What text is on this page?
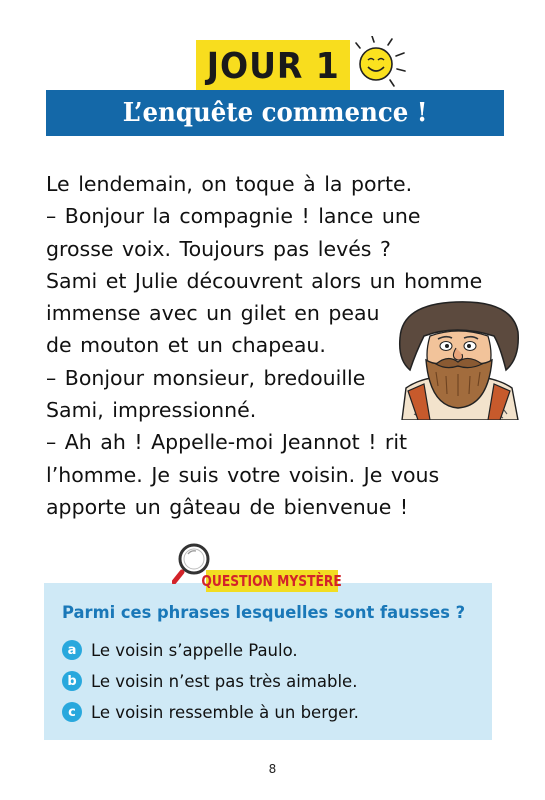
JOUR 1
L’enquête commence !

Le lendemain, on toque à la porte.

– Bonjour la compagnie ! lance une

grosse voix. Toujours pas levés ?

Sami et Julie découvrent alors un homme

immense avec un gilet en peau

de mouton et un chapeau.

– Bonjour monsieur, bredouille

Sami, impressionné.

– Ah ah ! Appelle-moi Jeannot ! rit

l’homme. Je suis votre voisin. Je vous

apporte un gâteau de bienvenue !

QUESTION MYSTÈRE
Parmi ces phrases lesquelles sont fausses ?
a Le voisin s’appelle Paulo.
b Le voisin n’est pas très aimable.
c Le voisin ressemble à un berger.
8
